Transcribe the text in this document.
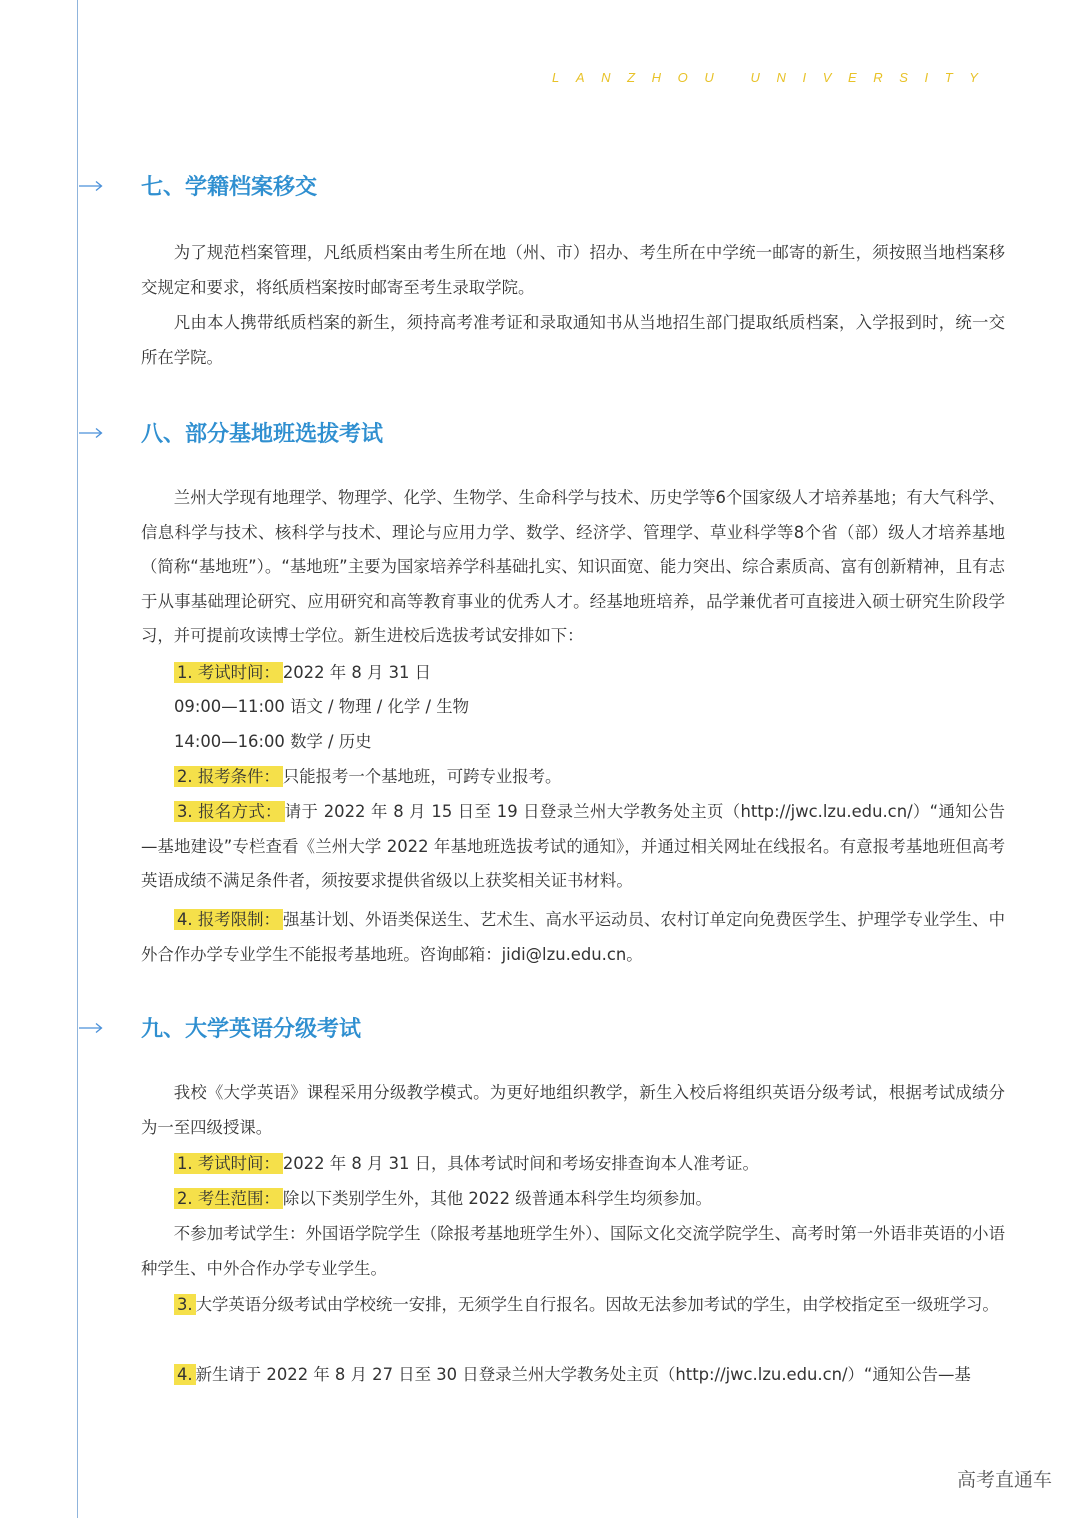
LANZHOU UNIVERSITY
七、学籍档案移交

为了规范档案管理，凡纸质档案由考生所在地（州、市）招办、考生所在中学统一邮寄的新生，须按照当地档案移交规定和要求，将纸质档案按时邮寄至考生录取学院。

凡由本人携带纸质档案的新生，须持高考准考证和录取通知书从当地招生部门提取纸质档案，入学报到时，统一交所在学院。

八、部分基地班选拔考试

兰州大学现有地理学、物理学、化学、生物学、生命科学与技术、历史学等6个国家级人才培养基地；有大气科学、信息科学与技术、核科学与技术、理论与应用力学、数学、经济学、管理学、草业科学等8个省（部）级人才培养基地（简称“基地班”）。“基地班”主要为国家培养学科基础扎实、知识面宽、能力突出、综合素质高、富有创新精神，且有志于从事基础理论研究、应用研究和高等教育事业的优秀人才。经基地班培养，品学兼优者可直接进入硕士研究生阶段学习，并可提前攻读博士学位。新生进校后选拔考试安排如下：

1. 考试时间： 2022 年 8 月 31 日

09:00—11:00 语文 / 物理 / 化学 / 生物

14:00—16:00 数学 / 历史

2. 报考条件： 只能报考一个基地班，可跨专业报考。

3. 报名方式： 请于 2022 年 8 月 15 日至 19 日登录兰州大学教务处主页（http://jwc.lzu.edu.cn/）“通知公告—基地建设”专栏查看《兰州大学 2022 年基地班选拔考试的通知》，并通过相关网址在线报名。有意报考基地班但高考英语成绩不满足条件者，须按要求提供省级以上获奖相关证书材料。

4. 报考限制： 强基计划、外语类保送生、艺术生、高水平运动员、农村订单定向免费医学生、护理学专业学生、中外合作办学专业学生不能报考基地班。咨询邮箱：jidi@lzu.edu.cn。

九、大学英语分级考试

我校《大学英语》课程采用分级教学模式。为更好地组织教学，新生入校后将组织英语分级考试，根据考试成绩分为一至四级授课。

1. 考试时间： 2022 年 8 月 31 日，具体考试时间和考场安排查询本人准考证。

2. 考生范围： 除以下类别学生外，其他 2022 级普通本科学生均须参加。

不参加考试学生：外国语学院学生（除报考基地班学生外）、国际文化交流学院学生、高考时第一外语非英语的小语种学生、中外合作办学专业学生。

3. 大学英语分级考试由学校统一安排，无须学生自行报名。因故无法参加考试的学生，由学校指定至一级班学习。

4. 新生请于 2022 年 8 月 27 日至 30 日登录兰州大学教务处主页（http://jwc.lzu.edu.cn/）“通知公告—基

高考直通车
